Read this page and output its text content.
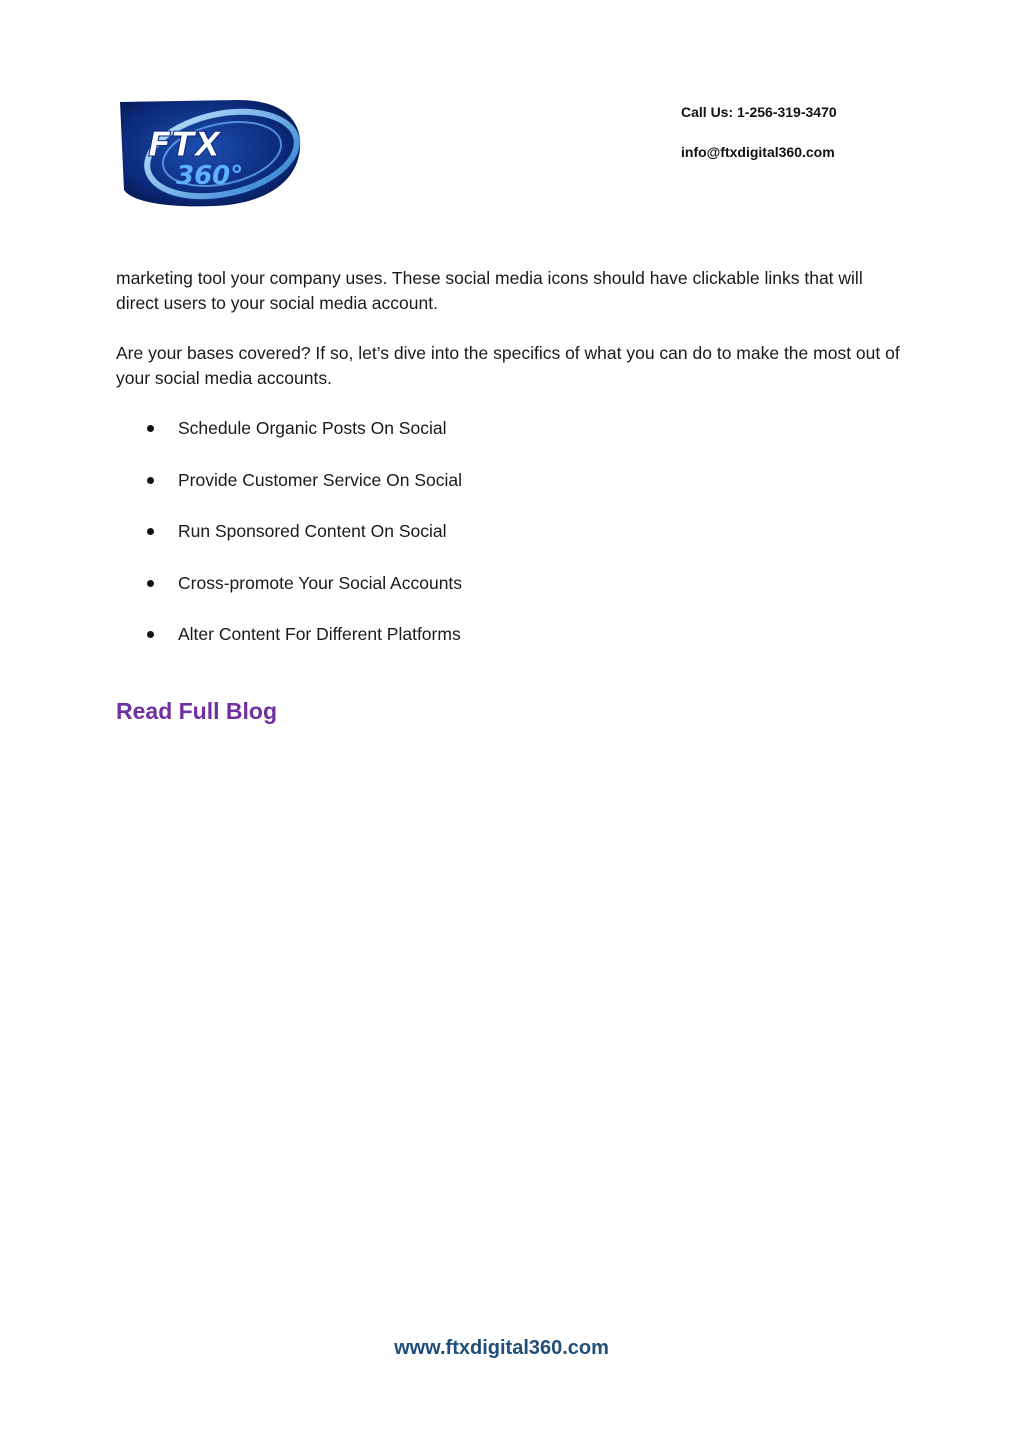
FTX
360°
Call Us: 1-256-319-3470
info@ftxdigital360.com

marketing tool your company uses. These social media icons should have clickable links that will direct users to your social media account.

Are your bases covered? If so, let’s dive into the specifics of what you can do to make the most out of your social media accounts.

Schedule Organic Posts On Social
Provide Customer Service On Social
Run Sponsored Content On Social
Cross-promote Your Social Accounts
Alter Content For Different Platforms
Read Full Blog
www.ftxdigital360.com
